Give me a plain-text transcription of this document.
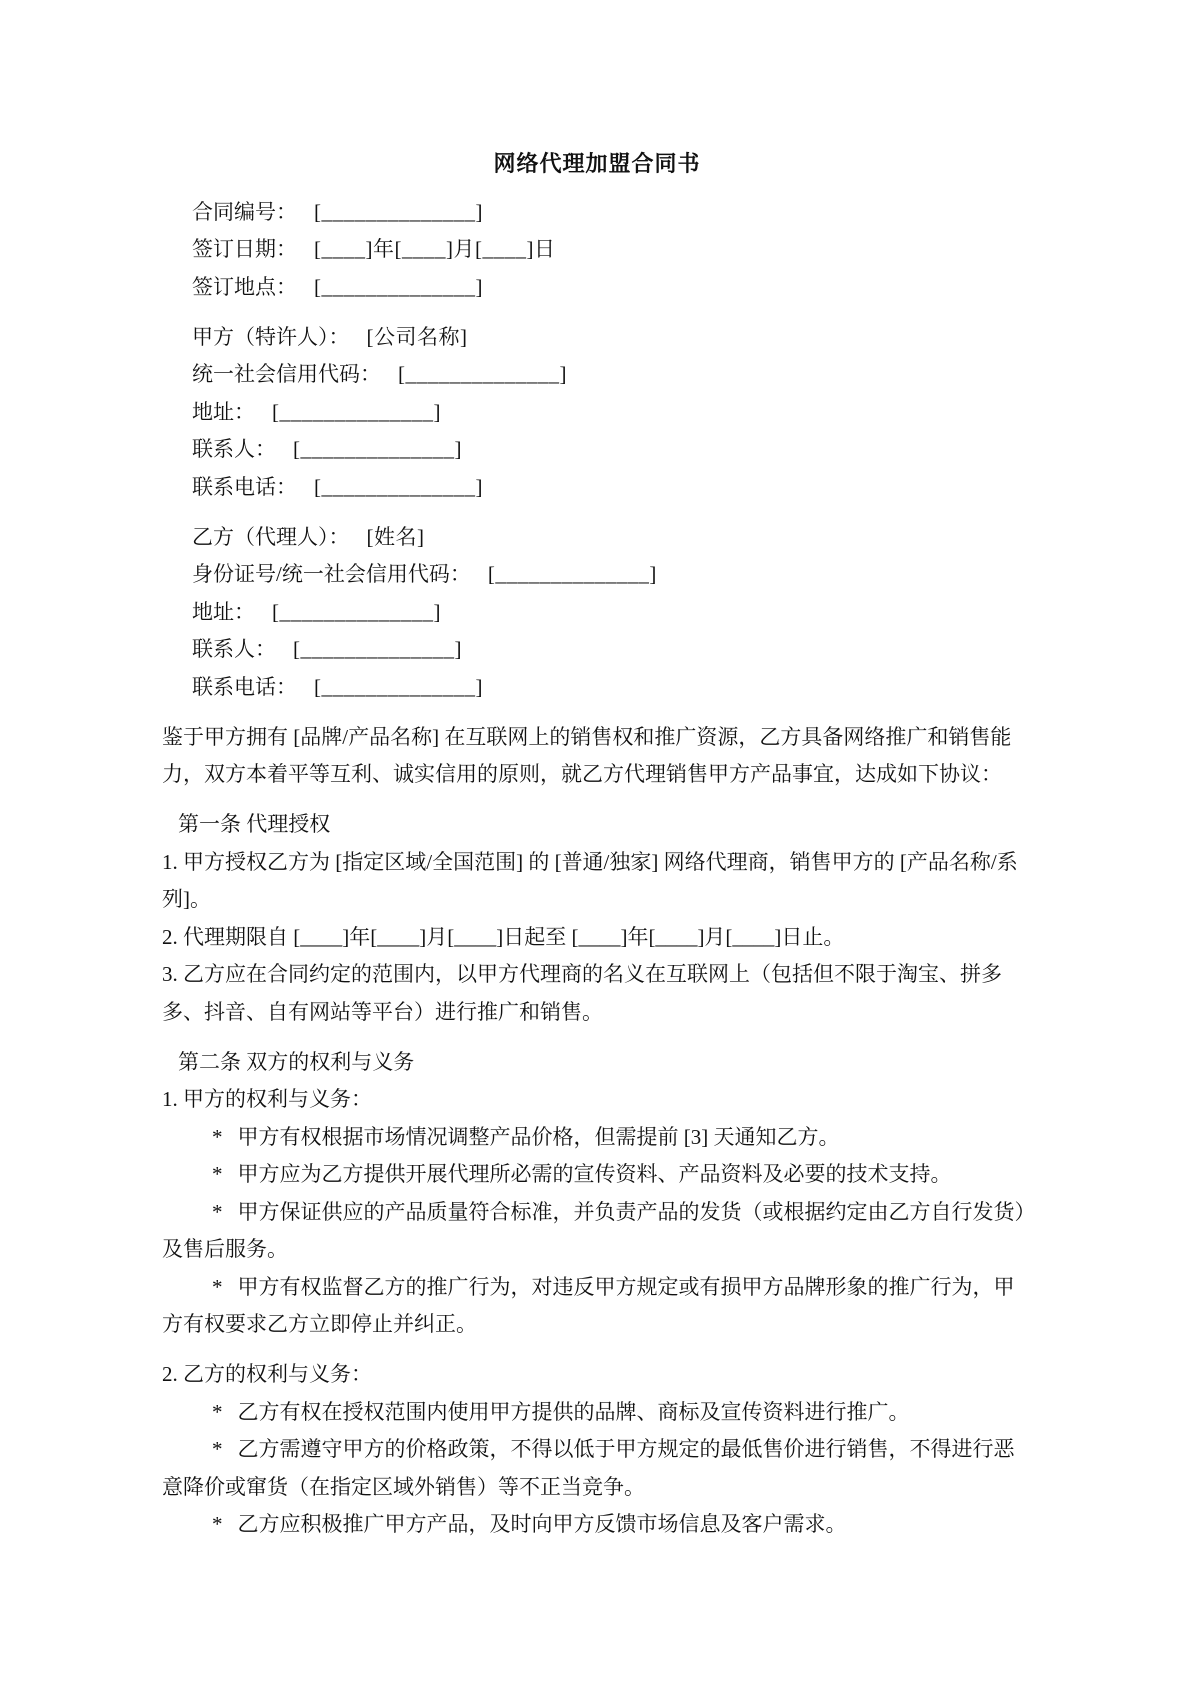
网络代理加盟合同书
合同编号： [______________]
签订日期： [____]年[____]月[____]日
签订地点： [______________]
甲方（特许人）： [公司名称]
统一社会信用代码： [______________]
地址： [______________]
联系人： [______________]
联系电话： [______________]
乙方（代理人）： [姓名]
身份证号/统一社会信用代码： [______________]
地址： [______________]
联系人： [______________]
联系电话： [______________]

鉴于甲方拥有 [品牌/产品名称] 在互联网上的销售权和推广资源，乙方具备网络推广和销售能力，双方本着平等互利、诚实信用的原则，就乙方代理销售甲方产品事宜，达成如下协议：

第一条 代理授权

1. 甲方授权乙方为 [指定区域/全国范围] 的 [普通/独家] 网络代理商，销售甲方的 [产品名称/系列]。

2. 代理期限自 [____]年[____]月[____]日起至 [____]年[____]月[____]日止。

3. 乙方应在合同约定的范围内，以甲方代理商的名义在互联网上（包括但不限于淘宝、拼多多、抖音、自有网站等平台）进行推广和销售。

第二条 双方的权利与义务
1. 甲方的权利与义务：

* 甲方有权根据市场情况调整产品价格，但需提前 [3] 天通知乙方。

* 甲方应为乙方提供开展代理所必需的宣传资料、产品资料及必要的技术支持。

* 甲方保证供应的产品质量符合标准，并负责产品的发货（或根据约定由乙方自行发货）及售后服务。

* 甲方有权监督乙方的推广行为，对违反甲方规定或有损甲方品牌形象的推广行为，甲方有权要求乙方立即停止并纠正。

2. 乙方的权利与义务：

* 乙方有权在授权范围内使用甲方提供的品牌、商标及宣传资料进行推广。

* 乙方需遵守甲方的价格政策，不得以低于甲方规定的最低售价进行销售，不得进行恶意降价或窜货（在指定区域外销售）等不正当竞争。

* 乙方应积极推广甲方产品，及时向甲方反馈市场信息及客户需求。
